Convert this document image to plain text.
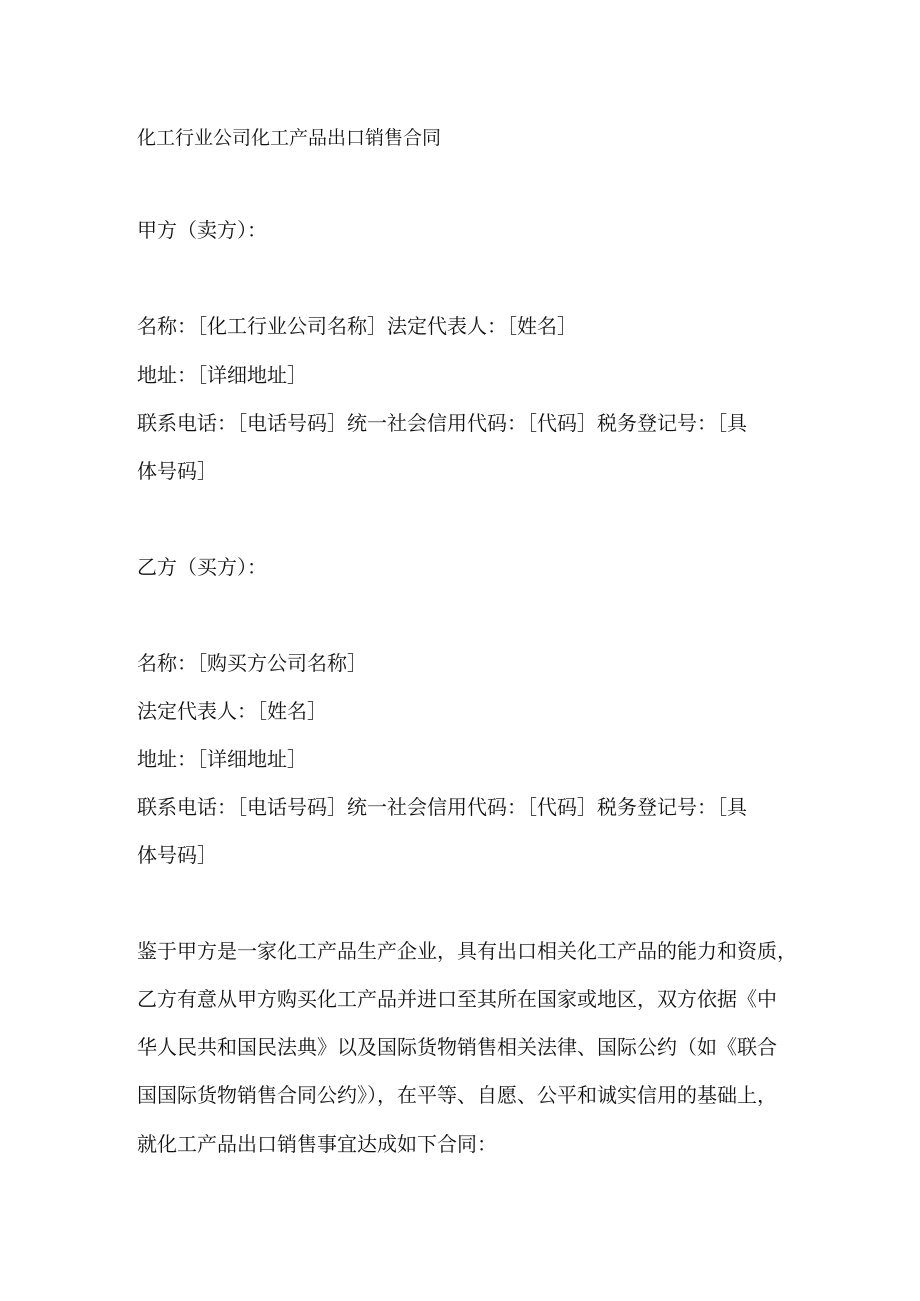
化工行业公司化工产品出口销售合同
甲方（卖方）：
名称：［化工行业公司名称］法定代表人：［姓名］
地址：［详细地址］
联系电话：［电话号码］统一社会信用代码：［代码］税务登记号：［具
体号码］
乙方（买方）：
名称：［购买方公司名称］
法定代表人：［姓名］
地址：［详细地址］
联系电话：［电话号码］统一社会信用代码：［代码］税务登记号：［具
体号码］
鉴于甲方是一家化工产品生产企业，具有出口相关化工产品的能力和资质，
乙方有意从甲方购买化工产品并进口至其所在国家或地区，双方依据《中
华人民共和国民法典》以及国际货物销售相关法律、国际公约（如《联合
国国际货物销售合同公约》），在平等、自愿、公平和诚实信用的基础上，
就化工产品出口销售事宜达成如下合同：
